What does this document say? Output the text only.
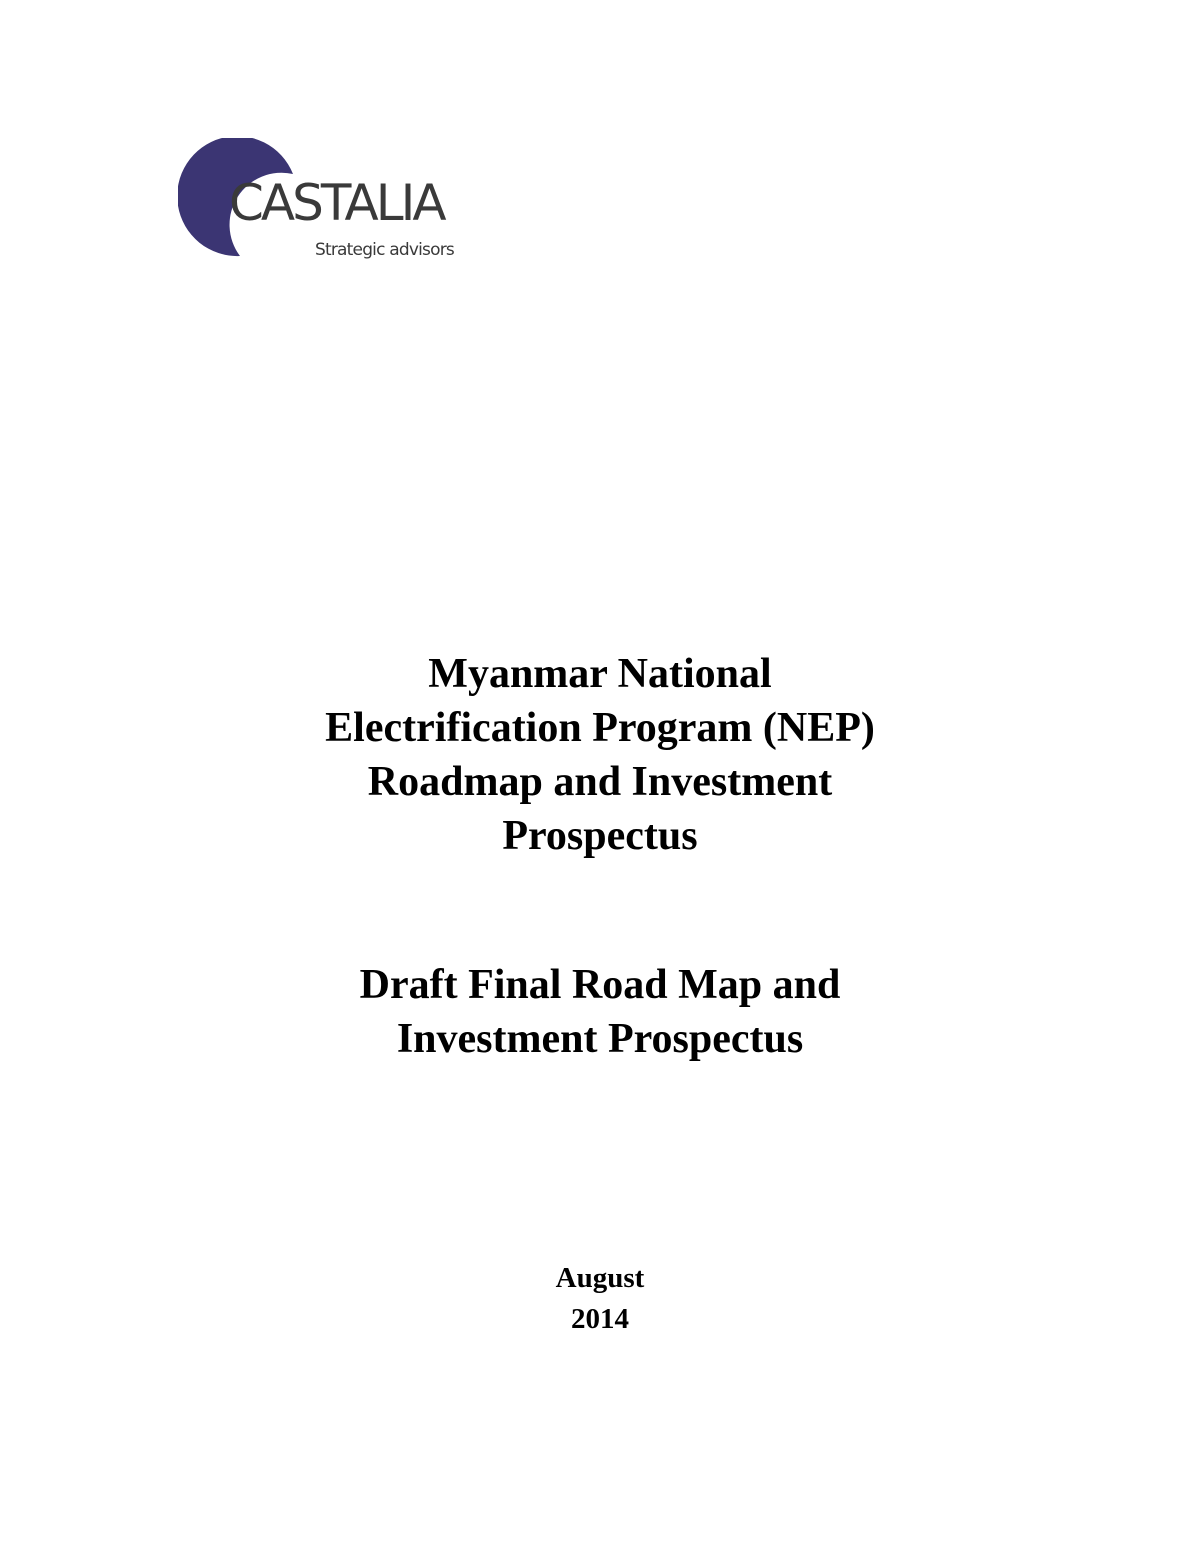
CASTALIA
Strategic advisors
Myanmar National
Electrification Program (NEP)
Roadmap and Investment
Prospectus
Draft Final Road Map and
Investment Prospectus
August
2014
